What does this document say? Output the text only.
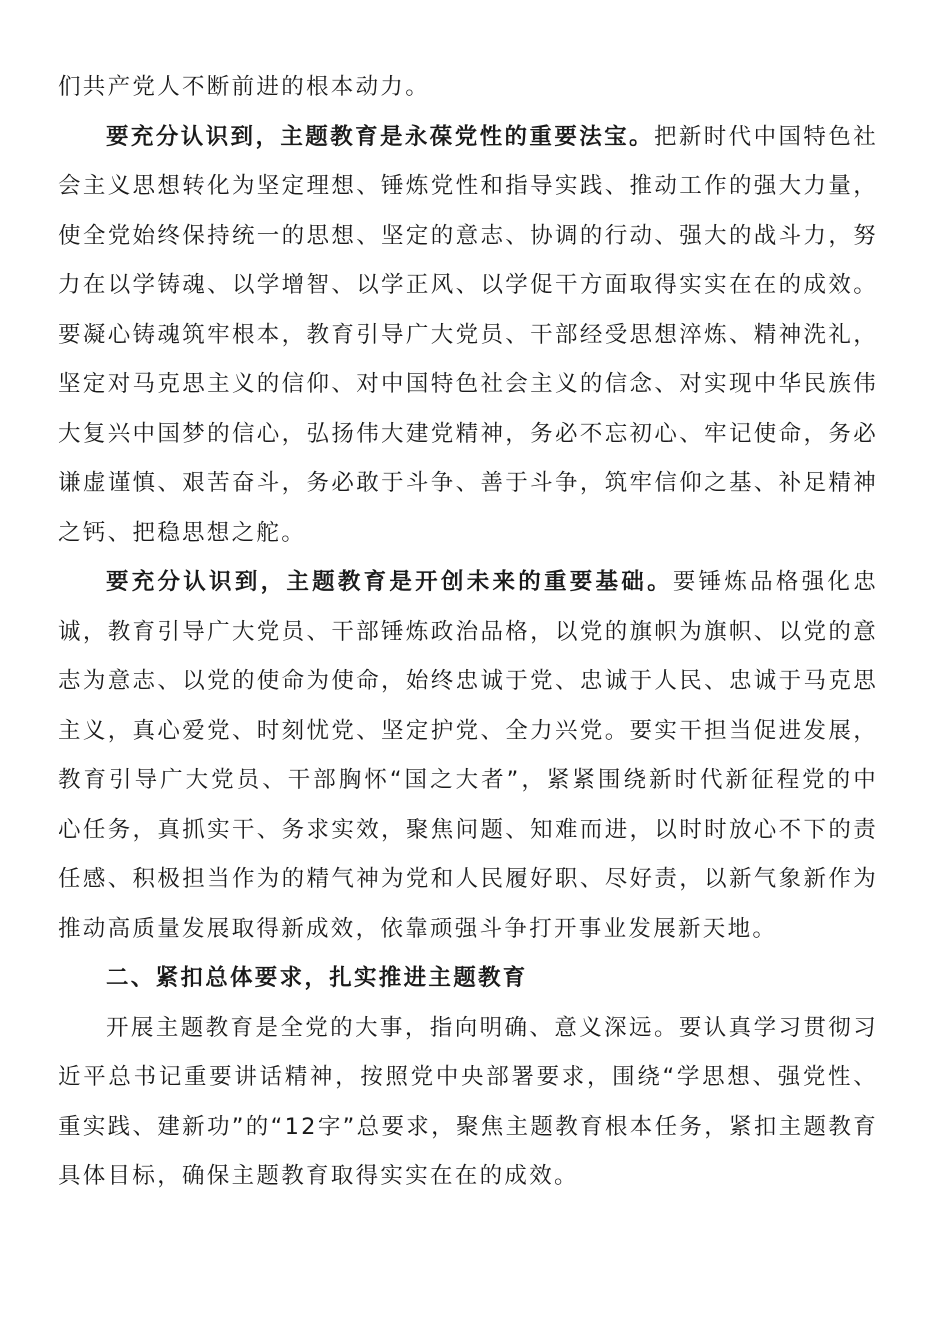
们共产党人不断前进的根本动力。

要充分认识到，主题教育是永葆党性的重要法宝。把新时代中国特色社会主义思想转化为坚定理想、锤炼党性和指导实践、推动工作的强大力量，使全党始终保持统一的思想、坚定的意志、协调的行动、强大的战斗力，努力在以学铸魂、以学增智、以学正风、以学促干方面取得实实在在的成效。要凝心铸魂筑牢根本，教育引导广大党员、干部经受思想淬炼、精神洗礼，坚定对马克思主义的信仰、对中国特色社会主义的信念、对实现中华民族伟大复兴中国梦的信心，弘扬伟大建党精神，务必不忘初心、牢记使命，务必谦虚谨慎、艰苦奋斗，务必敢于斗争、善于斗争，筑牢信仰之基、补足精神之钙、把稳思想之舵。

要充分认识到，主题教育是开创未来的重要基础。要锤炼品格强化忠诚，教育引导广大党员、干部锤炼政治品格，以党的旗帜为旗帜、以党的意志为意志、以党的使命为使命，始终忠诚于党、忠诚于人民、忠诚于马克思主义，真心爱党、时刻忧党、坚定护党、全力兴党。要实干担当促进发展，教育引导广大党员、干部胸怀“国之大者”，紧紧围绕新时代新征程党的中心任务，真抓实干、务求实效，聚焦问题、知难而进，以时时放心不下的责任感、积极担当作为的精气神为党和人民履好职、尽好责，以新气象新作为推动高质量发展取得新成效，依靠顽强斗争打开事业发展新天地。

二、紧扣总体要求，扎实推进主题教育

开展主题教育是全党的大事，指向明确、意义深远。要认真学习贯彻习近平总书记重要讲话精神，按照党中央部署要求，围绕“学思想、强党性、重实践、建新功”的“12字”总要求，聚焦主题教育根本任务，紧扣主题教育具体目标，确保主题教育取得实实在在的成效。
